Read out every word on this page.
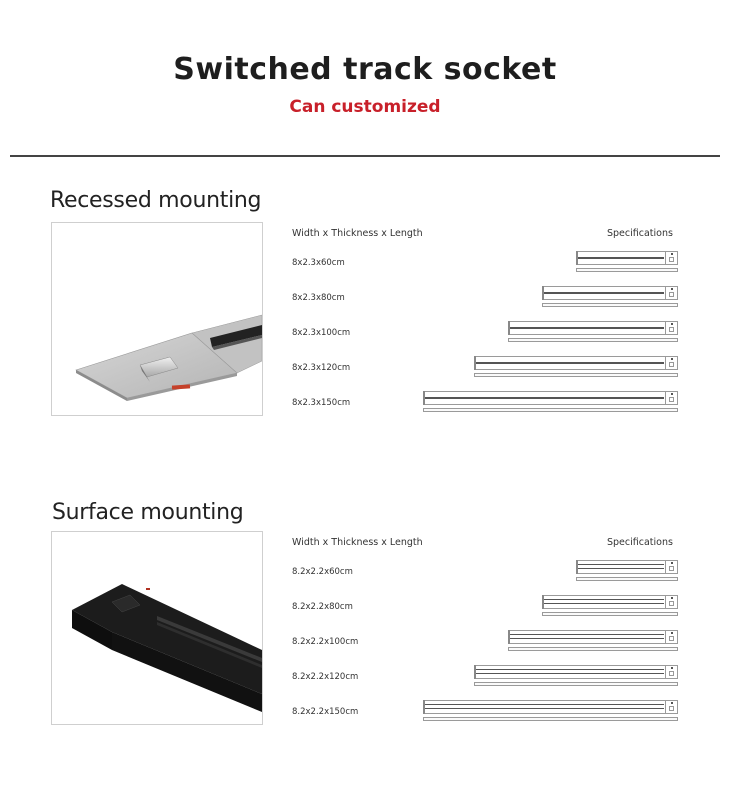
Switched track socket
Can customized
Recessed mounting
Width x Thickness x Length	Specifications
8x2.3x60cm
8x2.3x80cm
8x2.3x100cm
8x2.3x120cm
8x2.3x150cm
Surface mounting
Width x Thickness x Length	Specifications
8.2x2.2x60cm
8.2x2.2x80cm
8.2x2.2x100cm
8.2x2.2x120cm
8.2x2.2x150cm
